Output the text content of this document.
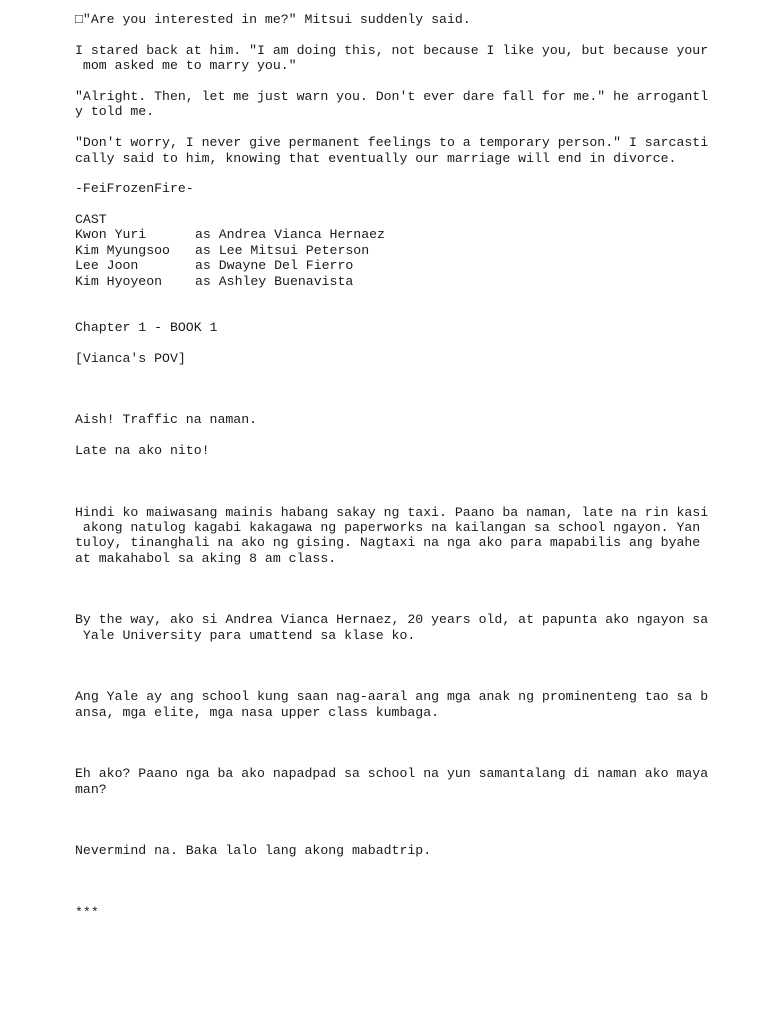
□"Are you interested in me?" Mitsui suddenly said.
I stared back at him. "I am doing this, not because I like you, but because your
mom asked me to marry you."
"Alright. Then, let me just warn you. Don't ever dare fall for me." he arrogantl
y told me.
"Don't worry, I never give permanent feelings to a temporary person." I sarcasti
cally said to him, knowing that eventually our marriage will end in divorce.
-FeiFrozenFire-
CAST
Kwon Yuri	as Andrea Vianca Hernaez
Kim Myungsoo	as Lee Mitsui Peterson
Lee Joon	as Dwayne Del Fierro
Kim Hyoyeon	as Ashley Buenavista
Chapter 1 - BOOK 1
[Vianca's POV]
Aish! Traffic na naman.
Late na ako nito!
Hindi ko maiwasang mainis habang sakay ng taxi. Paano ba naman, late na rin kasi
akong natulog kagabi kakagawa ng paperworks na kailangan sa school ngayon. Yan
tuloy, tinanghali na ako ng gising. Nagtaxi na nga ako para mapabilis ang byahe
at makahabol sa aking 8 am class.
By the way, ako si Andrea Vianca Hernaez, 20 years old, at papunta ako ngayon sa
Yale University para umattend sa klase ko.
Ang Yale ay ang school kung saan nag-aaral ang mga anak ng prominenteng tao sa b
ansa, mga elite, mga nasa upper class kumbaga.
Eh ako? Paano nga ba ako napadpad sa school na yun samantalang di naman ako maya
man?
Nevermind na. Baka lalo lang akong mabadtrip.
***
